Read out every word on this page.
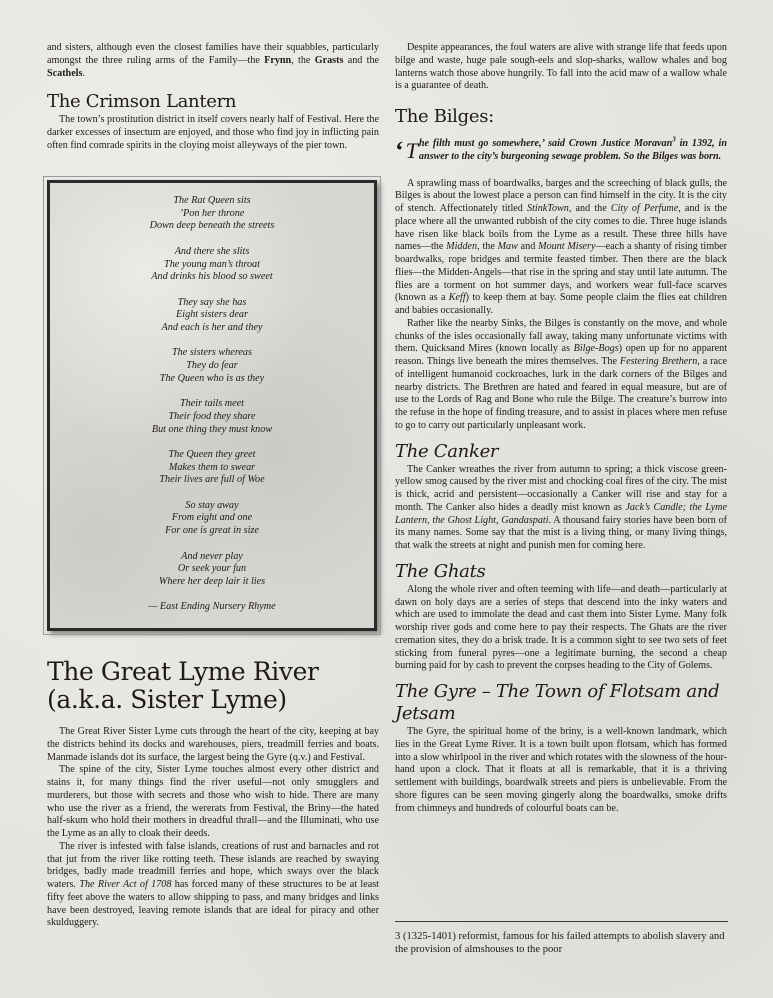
and sisters, although even the closest families have their squabbles, particularly amongst the three ruling arms of the Family—the Frynn, the Grasts and the Scathels.

The Crimson Lantern

The town’s prostitution district in itself covers nearly half of Festival. Here the darker excesses of insectum are enjoyed, and those who find joy in inflicting pain often find comrade spirits in the cloying moist alleyways of the pier town.

The Rat Queen sits
’Pon her throne
Down deep beneath the streets
And there she slits
The young man’s throat
And drinks his blood so sweet
They say she has
Eight sisters dear
And each is her and they
The sisters whereas
They do fear
The Queen who is as they
Their tails meet
Their food they share
But one thing they must know
The Queen they greet
Makes them to swear
Their lives are full of Woe
So stay away
From eight and one
For one is great in size
And never play
Or seek your fun
Where her deep lair it lies
— East Ending Nursery Rhyme
The Great Lyme River
(a.k.a. Sister Lyme)

The Great River Sister Lyme cuts through the heart of the city, keeping at bay the districts behind its docks and warehouses, piers, treadmill ferries and boats. Manmade islands dot its surface, the largest being the Gyre (q.v.) and Festival.

The spine of the city, Sister Lyme touches almost every other district and stains it, for many things find the river useful—not only smugglers and murderers, but those with secrets and those who wish to hide. There are many who use the river as a friend, the wererats from Festival, the Briny—the hated half-skum who hold their mothers in dreadful thrall—and the Illuminati, who use the Lyme as an ally to cloak their deeds.

The river is infested with false islands, creations of rust and barnacles and rot that jut from the river like rotting teeth. These islands are reached by swaying bridges, badly made treadmill ferries and hope, which sways over the black waters. The River Act of 1708 has forced many of these structures to be at least fifty feet above the waters to allow shipping to pass, and many bridges and links have been destroyed, leaving remote islands that are ideal for piracy and other skulduggery.

Despite appearances, the foul waters are alive with strange life that feeds upon bilge and waste, huge pale sough-eels and slop-sharks, wallow whales and bog lanterns watch those above hungrily. To fall into the acid maw of a wallow whale is a guarantee of death.

The Bilges:
‘ T he filth must go somewhere,’ said Crown Justice Moravan$^3$ in 1392, in answer to the city’s burgeoning sewage problem. So the Bilges was born.

A sprawling mass of boardwalks, barges and the screeching of black gulls, the Bilges is about the lowest place a person can find himself in the city. It is the city of stench. Affectionately titled StinkTown, and the City of Perfume, and is the place where all the unwanted rubbish of the city comes to die. Three huge islands have risen like black boils from the Lyme as a result. These three hills have names—the Midden, the Maw and Mount Misery—each a shanty of rising timber boardwalks, rope bridges and termite feasted timber. Then there are the black flies—the Midden-Angels—that rise in the spring and stay until late autumn. The flies are a torment on hot summer days, and workers wear full-face scarves (known as a Keff) to keep them at bay. Some people claim the flies eat children and babies occasionally.

Rather like the nearby Sinks, the Bilges is constantly on the move, and whole chunks of the isles occasionally fall away, taking many unfortunate victims with them. Quicksand Mires (known locally as Bilge-Bogs) open up for no apparent reason. Things live beneath the mires themselves. The Festering Brethern, a race of intelligent humanoid cockroaches, lurk in the dark corners of the Bilges and nearby districts. The Brethren are hated and feared in equal measure, but are of use to the Lords of Rag and Bone who rule the Bilge. The creature’s burrow into the refuse in the hope of finding treasure, and to assist in places where men refuse to go to carry out particularly unpleasant work.

The Canker

The Canker wreathes the river from autumn to spring; a thick viscose green-yellow smog caused by the river mist and chocking coal fires of the city. The mist is thick, acrid and persistent—occasionally a Canker will rise and stay for a month. The Canker also hides a deadly mist known as Jack’s Candle; the Lyme Lantern, the Ghost Light, Gandaspati. A thousand fairy stories have been born of its many names. Some say that the mist is a living thing, or many living things, that walk the streets at night and punish men for coming here.

The Ghats

Along the whole river and often teeming with life—and death—particularly at dawn on holy days are a series of steps that descend into the inky waters and which are used to immolate the dead and cast them into Sister Lyme. Many folk worship river gods and come here to pay their respects. The Ghats are the river cremation sites, they do a brisk trade. It is a common sight to see two sets of feet sticking from funeral pyres—one a legitimate burning, the second a cheap burning paid for by cash to prevent the corpses heading to the City of Golems.

The Gyre – The Town of Flotsam and Jetsam

The Gyre, the spiritual home of the briny, is a well-known landmark, which lies in the Great Lyme River. It is a town built upon flotsam, which has formed into a slow whirlpool in the river and which rotates with the slowness of the hour-hand upon a clock. That it floats at all is remarkable, that it is a thriving settlement with buildings, boardwalk streets and piers is unbelievable. From the shore figures can be seen moving gingerly along the boardwalks, smoke drifts from chimneys and hundreds of colourful boats can be.

3 (1325-1401) reformist, famous for his failed attempts to abolish slavery and the provision of almshouses to the poor
